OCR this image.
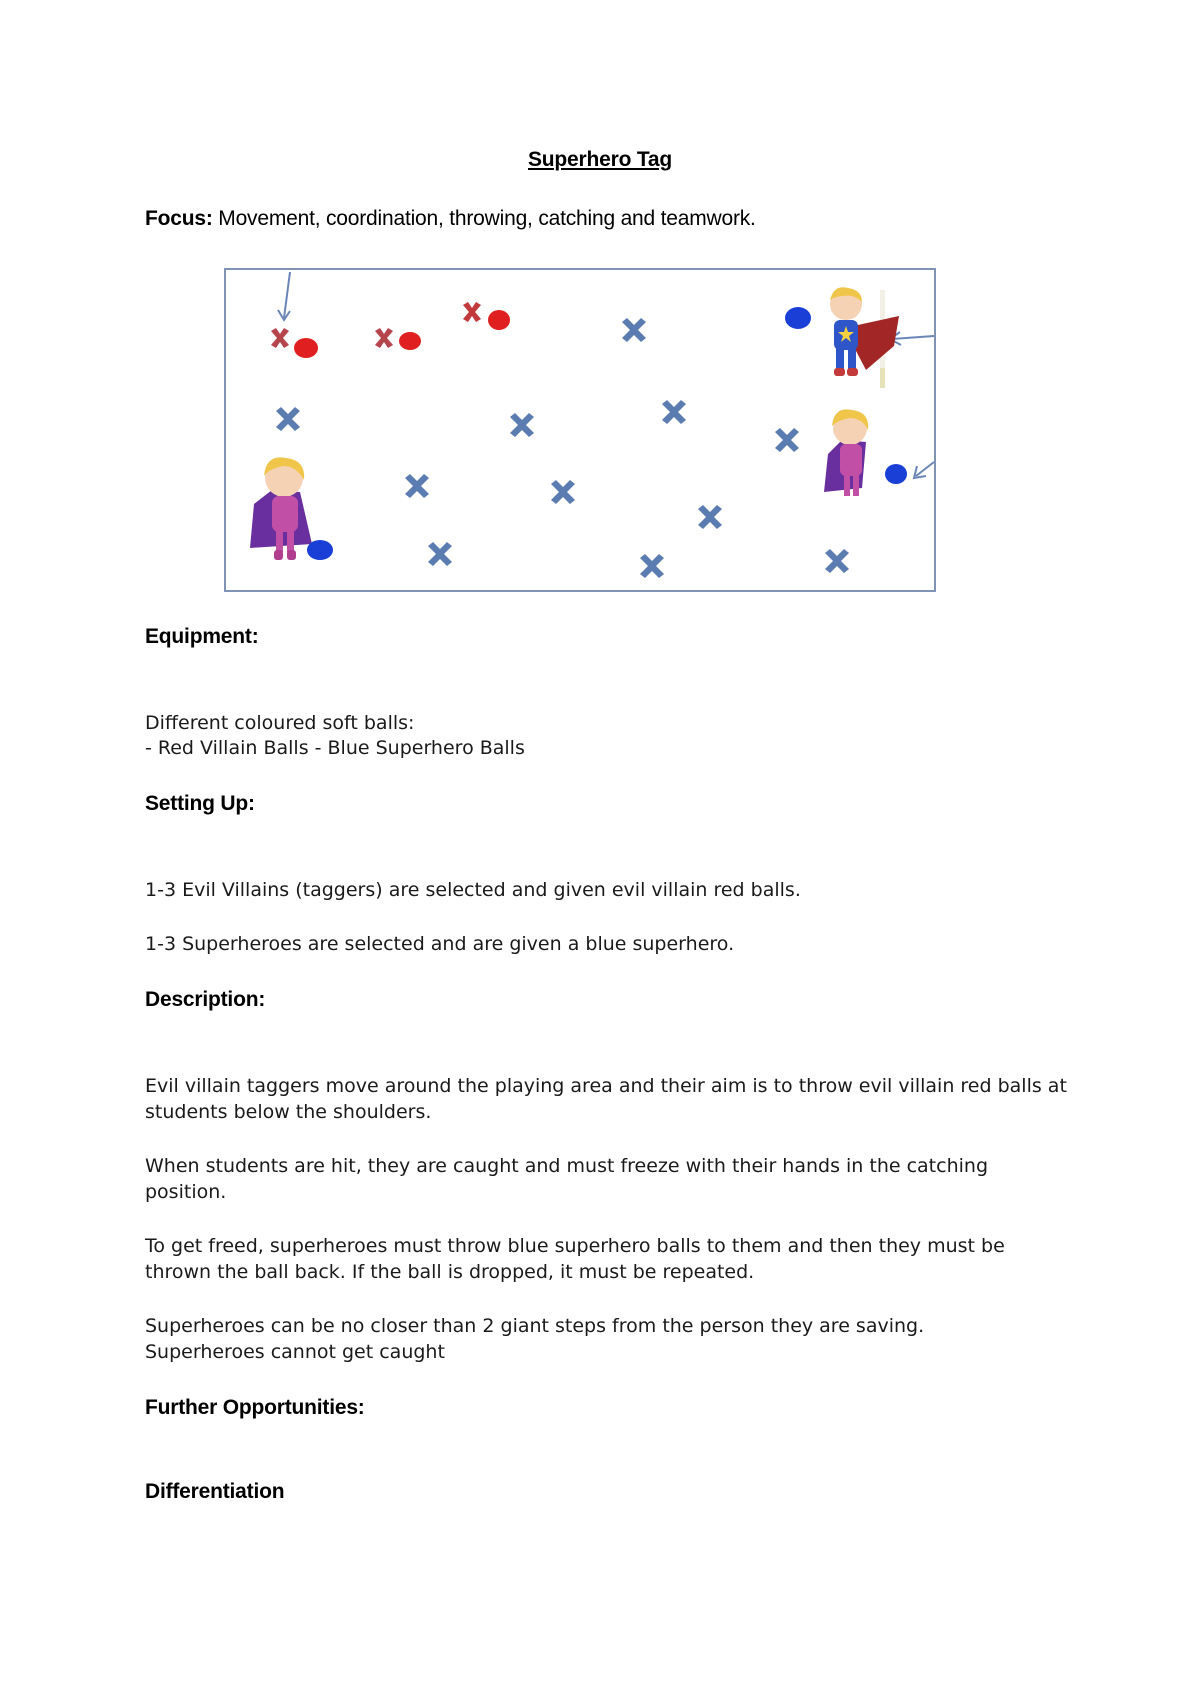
Superhero Tag
Focus: Movement, coordination, throwing, catching and teamwork.
Equipment:
Different coloured soft balls:
- Red Villain Balls - Blue Superhero Balls
Setting Up:
1-3 Evil Villains (taggers) are selected and given evil villain red balls.
1-3 Superheroes are selected and are given a blue superhero.
Description:
Evil villain taggers move around the playing area and their aim is to throw evil villain red balls at students below the shoulders.
When students are hit, they are caught and must freeze with their hands in the catching position.
To get freed, superheroes must throw blue superhero balls to them and then they must be thrown the ball back. If the ball is dropped, it must be repeated.
Superheroes can be no closer than 2 giant steps from the person they are saving.
Superheroes cannot get caught
Further Opportunities:
Differentiation
